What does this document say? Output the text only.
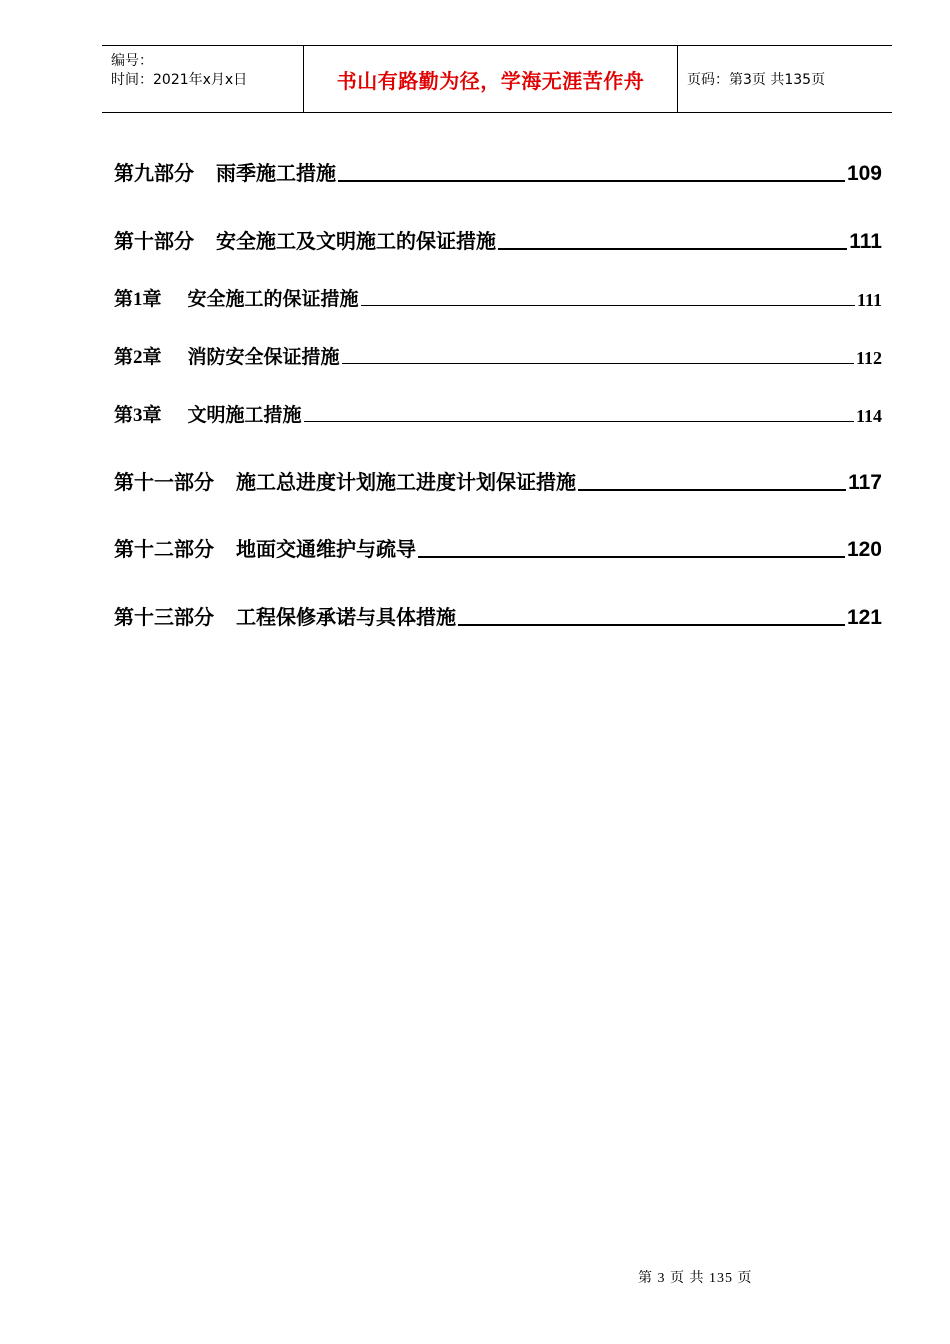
编号：
时间：2021年x月x日	书山有路勤为径，学海无涯苦作舟	页码：第3页 共135页
第九部分 雨季施工措施	109
第十部分 安全施工及文明施工的保证措施	111
第1章 安全施工的保证措施	111
第2章 消防安全保证措施	112
第3章 文明施工措施	114
第十一部分 施工总进度计划施工进度计划保证措施	117
第十二部分 地面交通维护与疏导	120
第十三部分 工程保修承诺与具体措施	121
第 3 页 共 135 页
